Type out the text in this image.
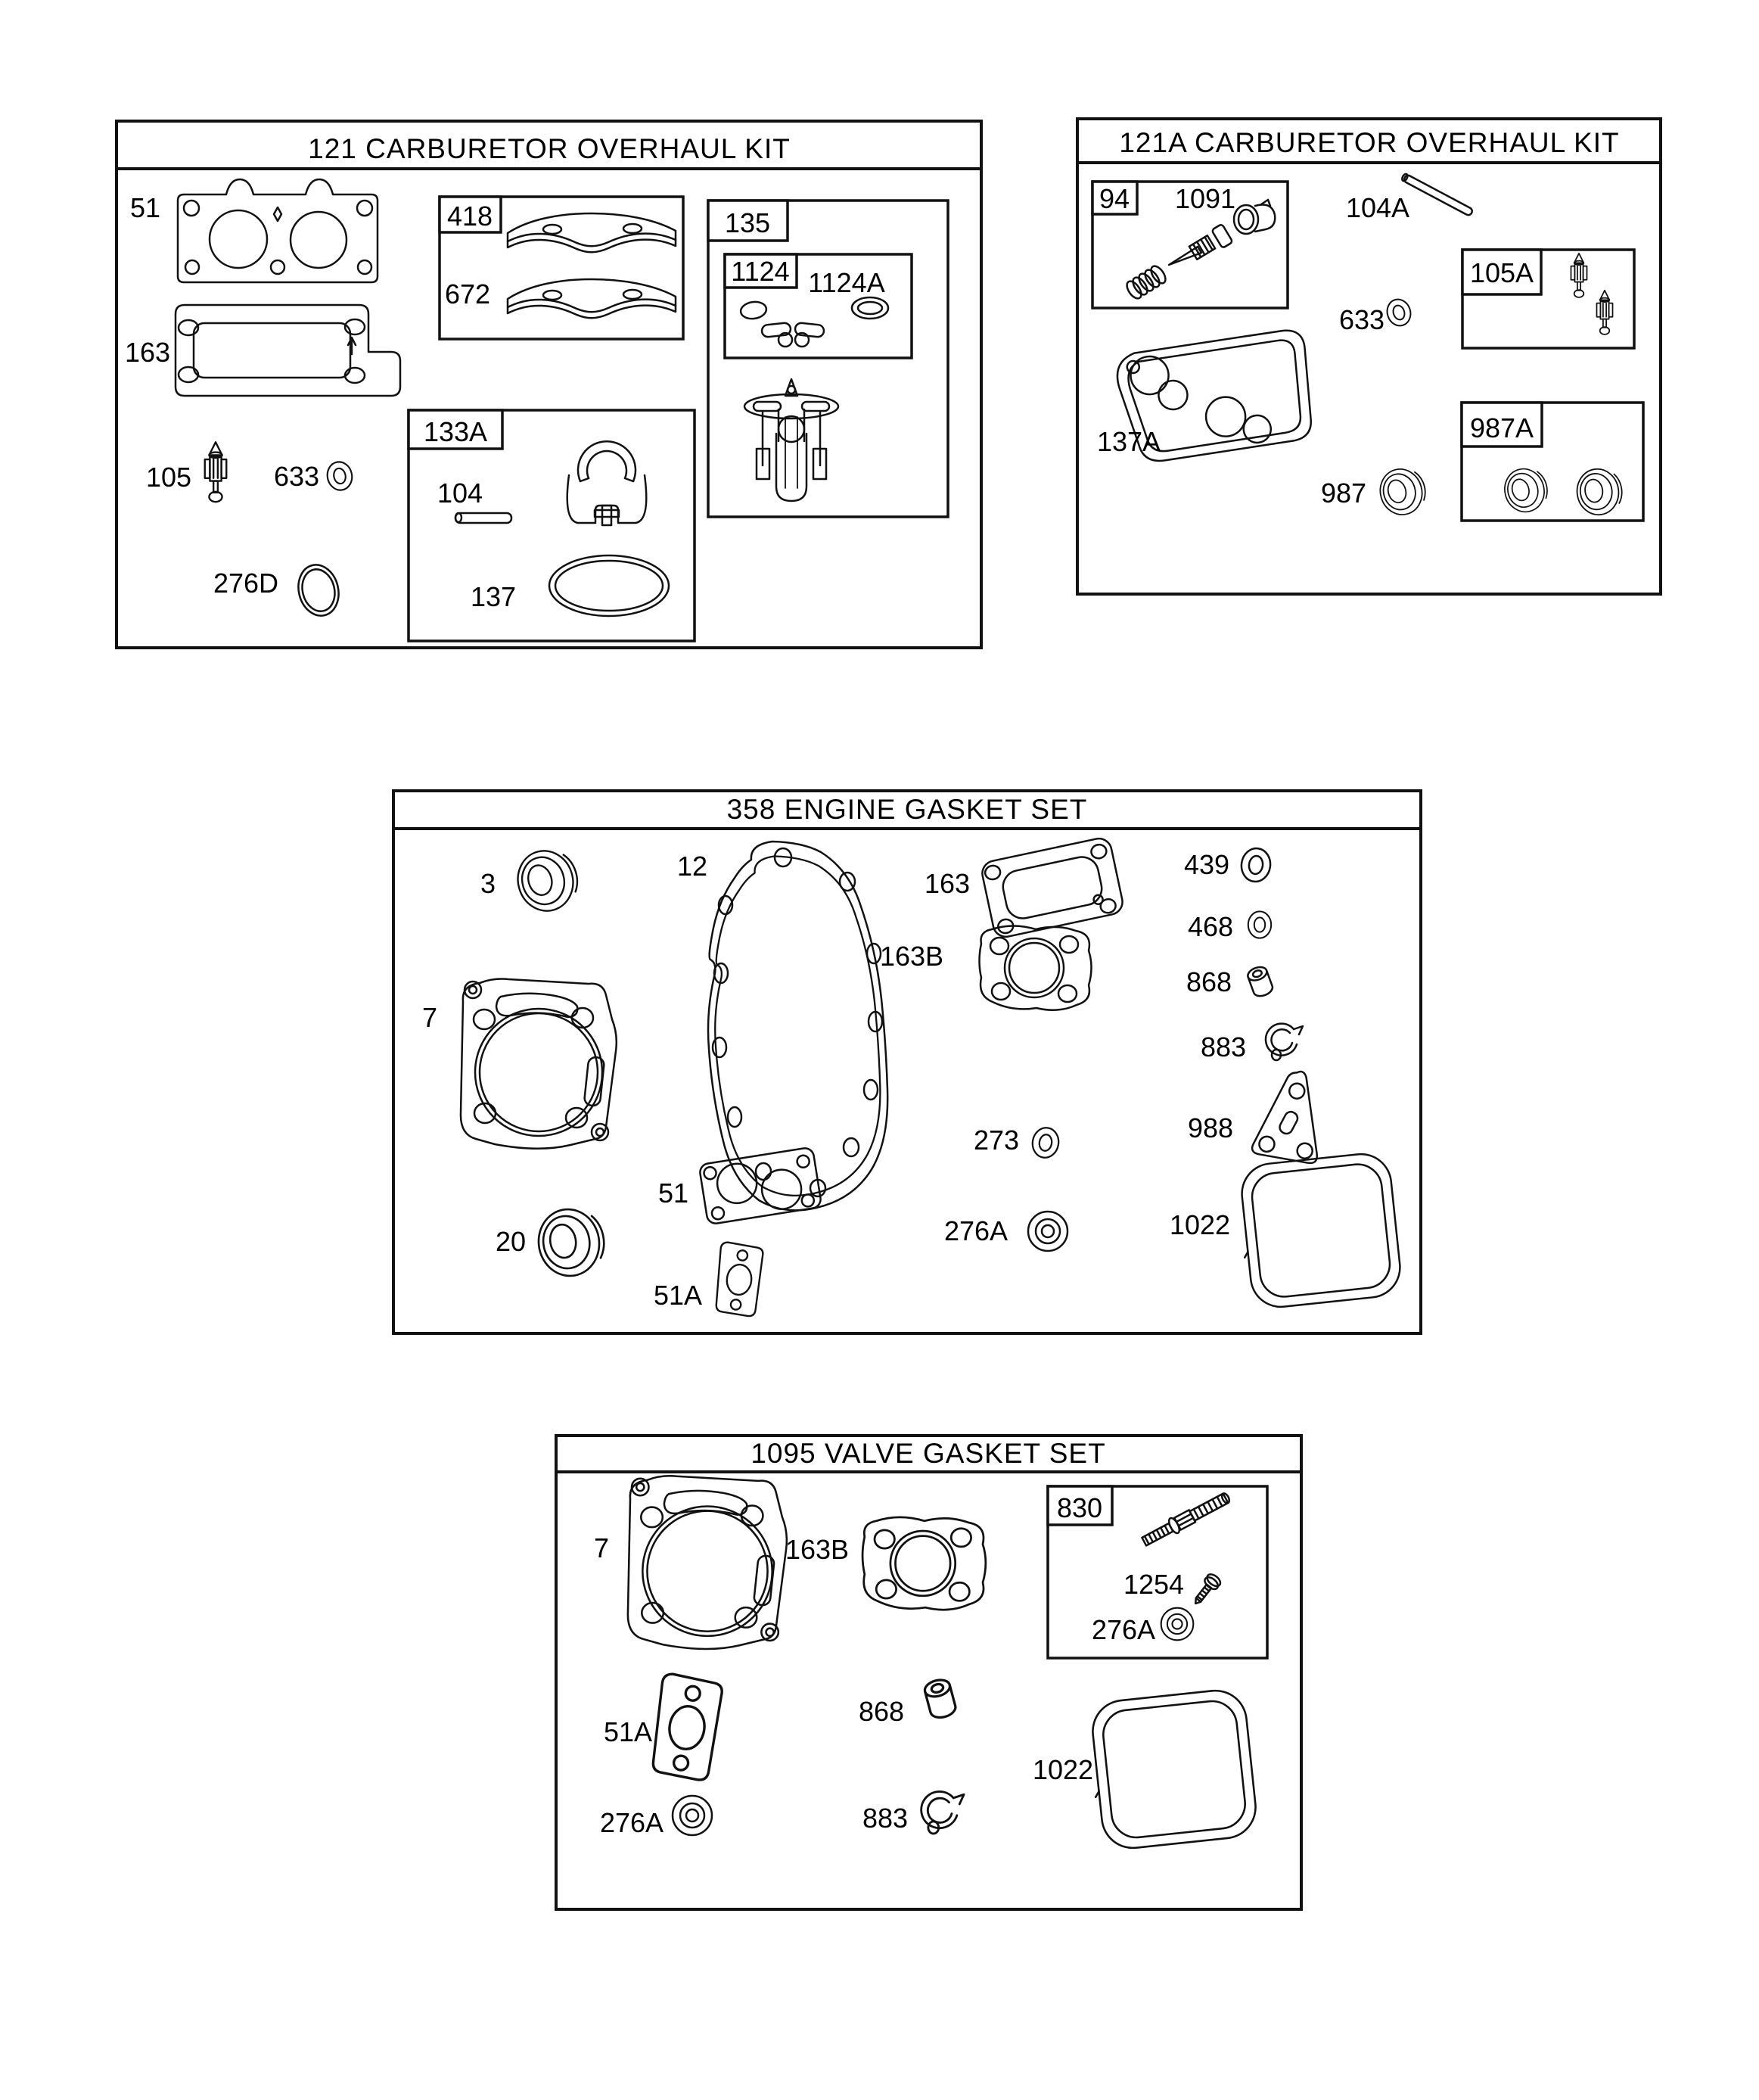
121 CARBURETOR OVERHAUL KIT
51
163
105	633
276D
418
672
135
1124 1124A
133A
104
137
121A CARBURETOR OVERHAUL KIT
94 1091	104A
105A
633
137A
987
987A
358 ENGINE GASKET SET
3
12
7
51
20
51A
163
163B
439
468
868
883
988
273
276A	1022
1095 VALVE GASKET SET
7	163B
830
1254
276A
51A
868
276A	883
1022
